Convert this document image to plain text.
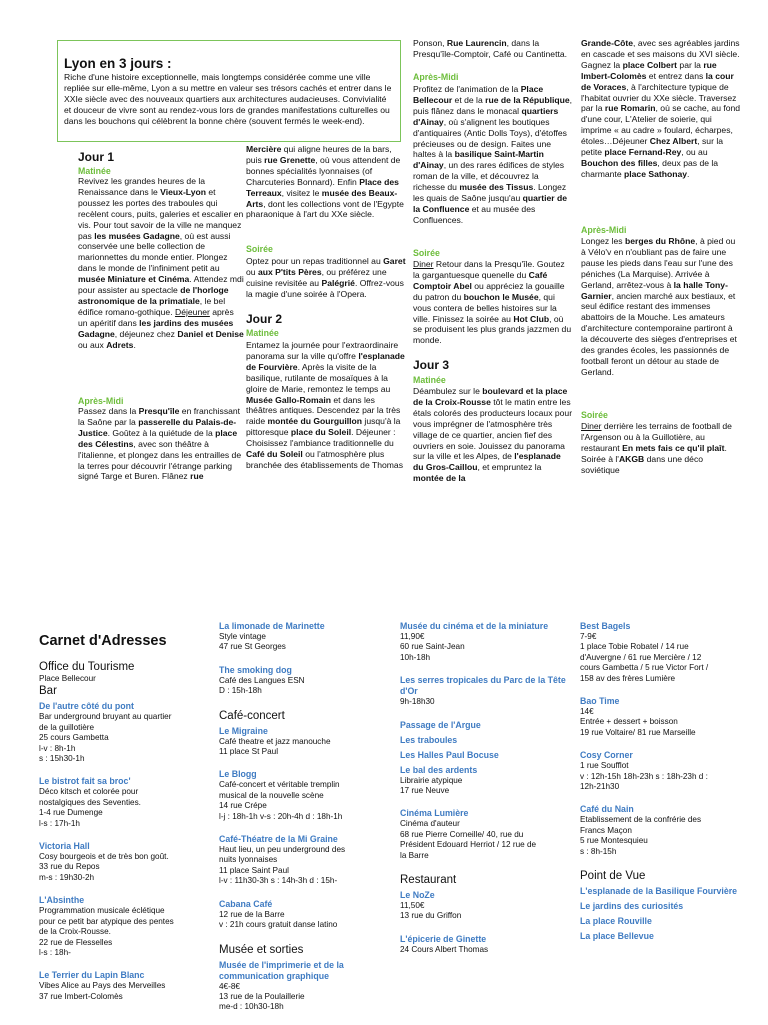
Lyon en 3 jours :
Riche d'une histoire exceptionnelle, mais longtemps considérée comme une ville repliée sur elle-même, Lyon a su mettre en valeur ses trésors cachés et entrer dans le XXIe siècle avec des nouveaux quartiers aux architectures audacieuses. Convivialité et douceur de vivre sont au rendez-vous lors de grandes manifestations culturelles ou dans les bouchons qui célèbrent la bonne chère (souvent fermés le week-end).
Jour 1
Matinée
Revivez les grandes heures de la Renaissance dans le Vieux-Lyon et poussez les portes des traboules qui recèlent cours, puits, galeries et escalier en vis. Pour tout savoir de la ville ne manquez pas les musées Gadagne, où est aussi conservée une belle collection de marionnettes du monde entier. Plongez dans le monde de l'infiniment petit au musée Miniature et Cinéma. Attendez mdi pour assister au spectacle de l'horloge astronomique de la primatiale, le bel édifice romano-gothique. Déjeuner après un apéritif dans les jardins des musées Gadagne, déjeunez chez Daniel et Denise ou aux Adrets.
Après-Midi
Passez dans la Presqu'île en franchissant la Saône par la passerelle du Palais-de-Justice. Goûtez à la quiétude de la place des Célestins, avec son théâtre à l'italienne, et plongez dans les entrailles de la terres pour découvrir l'étrange parking signé Targe et Buren. Flânez rue
Mercière qui aligne heures de la bars, puis rue Grenette, où vous attendent de bonnes spécialités lyonnaises (of Charcuteries Bonnard). Enfin Place des Terreaux, visitez le musée des Beaux-Arts, dont les collections vont de l'Egypte pharaonique à l'art du XXe siècle.
Soirée
Optez pour un repas traditionnel au Garet ou aux P'tits Pères, ou préférez une cuisine revisitée au Palégrié. Offrez-vous la magie d'une soirée à l'Opera.
Jour 2
Matinée
Entamez la journée pour l'extraordinaire panorama sur la ville qu'offre l'esplanade de Fourvière. Après la visite de la basilique, rutilante de mosaïques à la gloire de Marie, remontez le temps au Musée Gallo-Romain et dans les théâtres antiques. Descendez par la très raide montée du Gourguillon jusqu'à la pittoresque place du Soleil. Déjeuner : Choisissez l'ambiance traditionnelle du Café du Soleil ou l'atmosphère plus branchée des établissements de Thomas
Ponson, Rue Laurencin, dans la Presqu'île-Comptoir, Café ou Cantinetta.
Après-Midi
Profitez de l'animation de la Place Bellecour et de la rue de la République, puis flânez dans le monacal quartiers d'Ainay, où s'alignent les boutiques d'antiquaires (Antic Dolls Toys), d'étoffes précieuses ou de design. Faites une haltes à la basilique Saint-Martin d'Ainay, un des rares édifices de styles roman de la ville, et découvrez la richesse du musée des Tissus. Longez les quais de Saône jusqu'au quartier de la Confluence et au musée des Confluences.
Soirée
Diner Retour dans la Presqu'île. Goutez la gargantuesque quenelle du Café Comptoir Abel ou appréciez la gouaille du patron du bouchon le Musée, qui vous contera de belles histoires sur la ville. Finissez la soirée au Hot Club, où se produisent les plus grands jazzmen du monde.
Jour 3
Matinée
Déambulez sur le boulevard et la place de la Croix-Rousse tôt le matin entre les étals colorés des producteurs locaux pour vous imprégner de l'atmosphère très village de ce quartier, ancien fief des ouvriers en soie. Jouissez du panorama sur la ville et les Alpes, de l'esplanade du Gros-Caillou, et empruntez la montée de la
Grande-Côte, avec ses agréables jardins en cascade et ses maisons du XVI siècle. Gagnez la place Colbert par la rue Imbert-Colomès et entrez dans la cour de Voraces, à l'architecture typique de l'habitat ouvrier du XXe siècle. Traversez par la rue Romarin, où se cache, au fond d'une cour, L'Atelier de soierie, qui imprime « au cadre » foulard, écharpes, étoles…Déjeuner Chez Albert, sur la petite place Fernand-Rey, ou au Bouchon des filles, deux pas de la charmante place Sathonay.
Après-Midi
Longez les berges du Rhône, à pied ou à Vélo'v en n'oubliant pas de faire une pause les pieds dans l'eau sur l'une des péniches (La Marquise). Arrivée à Gerland, arrêtez-vous à la halle Tony-Garnier, ancien marché aux bestiaux, et seul édifice restant des immenses abattoirs de la Mouche. Les amateurs d'architecture contemporaine partiront à la découverte des sièges d'entreprises et des grandes écoles, les passionnés de football feront un détour au stade de Gerland.
Soirée
Diner derrière les terrains de football de l'Argenson ou à la Guillotière, au restaurant En mets fais ce qu'il plaît. Soirée à l'AKGB dans une déco soviétique
Carnet d'Adresses
Office du Tourisme
Place Bellecour
Bar
De l'autre côté du pont
Bar underground bruyant au quartier
de la guillotière
25 cours Gambetta
l-v : 8h-1h
s : 15h30-1h
Le bistrot fait sa broc'
Déco kitsch et colorée pour
nostalgiques des Seventies.
1-4 rue Dumenge
l-s : 17h-1h
Victoria Hall
Cosy bourgeois et de très bon goût.
33 rue du Repos
m-s : 19h30-2h
L'Absinthe
Programmation musicale éclétique
pour ce petit bar atypique des pentes
de la Croix-Rousse.
22 rue de Flesselles
l-s : 18h-
Le Terrier du Lapin Blanc
Vibes Alice au Pays des Merveilles
37 rue Imbert-Colomès
La limonade de Marinette
Style vintage
47 rue St Georges
The smoking dog
Café des Langues ESN
D : 15h-18h
Café-concert
Le Migraine
Café theatre et jazz manouche
11 place St Paul
Le Blogg
Café-concert et véritable tremplin
musical de la nouvelle scène
14 rue Crépe
l-j : 18h-1h v-s : 20h-4h d : 18h-1h
Café-Théatre de la Mi Graine
Haut lieu, un peu underground des
nuits lyonnaises
11 place Saint Paul
l-v : 11h30-3h s : 14h-3h d : 15h-
Cabana Café
12 rue de la Barre
v : 21h cours gratuit danse latino
Musée et sorties
Musée de l'imprimerie et de la communication graphique
4€-8€
13 rue de la Poulaillerie
me-d : 10h30-18h
Musée du cinéma et de la miniature
11,90€
60 rue Saint-Jean
10h-18h
Les serres tropicales du Parc de la Tête d'Or
9h-18h30
Passage de l'Argue
Les traboules
Les Halles Paul Bocuse
Le bal des ardents
Librairie atypique
17 rue Neuve
Cinéma Lumière
Cinéma d'auteur
68 rue Pierre Corneille/ 40, rue du
Président Edouard Herriot / 12 rue de
la Barre
Restaurant
Le NoZe
11,50€
13 rue du Griffon
L'épicerie de Ginette
24 Cours Albert Thomas
Best Bagels
7-9€
1 place Tobie Robatel / 14 rue
d'Auvergne / 61 rue Mercière / 12
cours Gambetta / 5 rue Victor Fort /
158 av des frères Lumière
Bao Time
14€
Entrée + dessert + boisson
19 rue Voltaire/ 81 rue Marseille
Cosy Corner
1 rue Soufflot
v : 12h-15h 18h-23h s : 18h-23h d :
12h-21h30
Café du Nain
Etablissement de la confrérie des
Francs Maçon
5 rue Montesquieu
s : 8h-15h
Point de Vue
L'esplanade de la Basilique Fourvière
Le jardins des curiosités
La place Rouville
La place Bellevue
